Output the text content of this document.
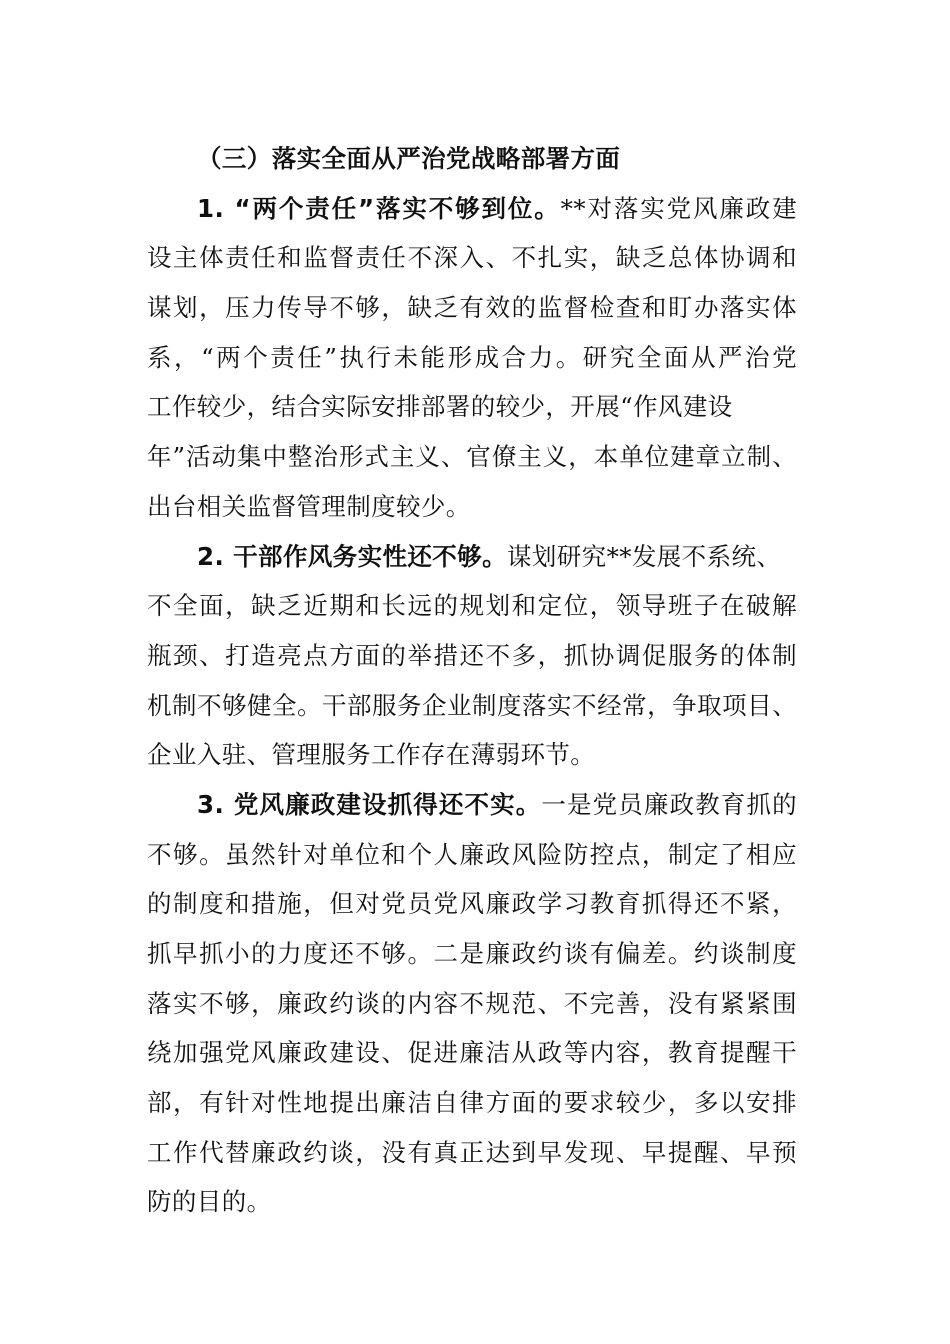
（三）落实全面从严治党战略部署方面
1. “两个责任”落实不够到位。**对落实党风廉政建
设主体责任和监督责任不深入、不扎实，缺乏总体协调和
谋划，压力传导不够，缺乏有效的监督检查和盯办落实体
系，“两个责任”执行未能形成合力。研究全面从严治党
工作较少，结合实际安排部署的较少，开展“作风建设
年”活动集中整治形式主义、官僚主义，本单位建章立制、
出台相关监督管理制度较少。
2. 干部作风务实性还不够。谋划研究**发展不系统、
不全面，缺乏近期和长远的规划和定位，领导班子在破解
瓶颈、打造亮点方面的举措还不多，抓协调促服务的体制
机制不够健全。干部服务企业制度落实不经常，争取项目、
企业入驻、管理服务工作存在薄弱环节。
3. 党风廉政建设抓得还不实。一是党员廉政教育抓的
不够。虽然针对单位和个人廉政风险防控点，制定了相应
的制度和措施，但对党员党风廉政学习教育抓得还不紧，
抓早抓小的力度还不够。二是廉政约谈有偏差。约谈制度
落实不够，廉政约谈的内容不规范、不完善，没有紧紧围
绕加强党风廉政建设、促进廉洁从政等内容，教育提醒干
部，有针对性地提出廉洁自律方面的要求较少，多以安排
工作代替廉政约谈，没有真正达到早发现、早提醒、早预
防的目的。
